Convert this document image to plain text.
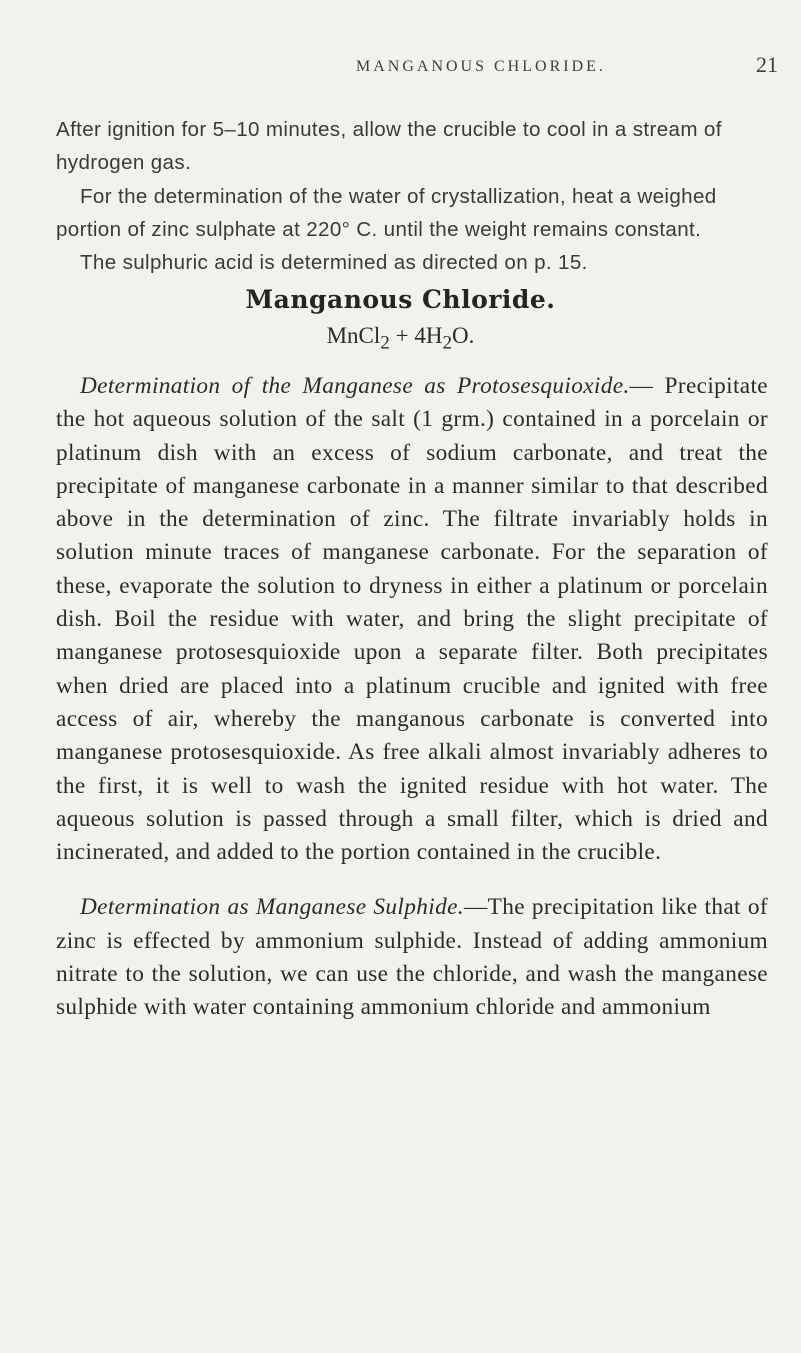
MANGANOUS CHLORIDE.	21

After ignition for 5–10 minutes, allow the crucible to cool in a stream of hydrogen gas.

For the determination of the water of crystallization, heat a weighed portion of zinc sulphate at 220° C. until the weight remains constant.

The sulphuric acid is determined as directed on p. 15.

Manganous Chloride.
MnCl$_2$ + $4H_2O$.

Determination of the Manganese as Protosesquioxide.— Precipitate the hot aqueous solution of the salt (1 grm.) contained in a porcelain or platinum dish with an excess of sodium carbonate, and treat the precipitate of manganese carbonate in a manner similar to that described above in the determination of zinc. The filtrate invariably holds in solution minute traces of manganese carbonate. For the separation of these, evaporate the solution to dryness in either a platinum or porcelain dish. Boil the residue with water, and bring the slight precipitate of manganese protosesquioxide upon a separate filter. Both precipitates when dried are placed into a platinum crucible and ignited with free access of air, whereby the manganous carbonate is converted into manganese protosesquioxide. As free alkali almost invariably adheres to the first, it is well to wash the ignited residue with hot water. The aqueous solution is passed through a small filter, which is dried and incinerated, and added to the portion contained in the crucible.

Determination as Manganese Sulphide.—The precipitation like that of zinc is effected by ammonium sulphide. Instead of adding ammonium nitrate to the solution, we can use the chloride, and wash the manganese sulphide with water containing ammonium chloride and ammonium
